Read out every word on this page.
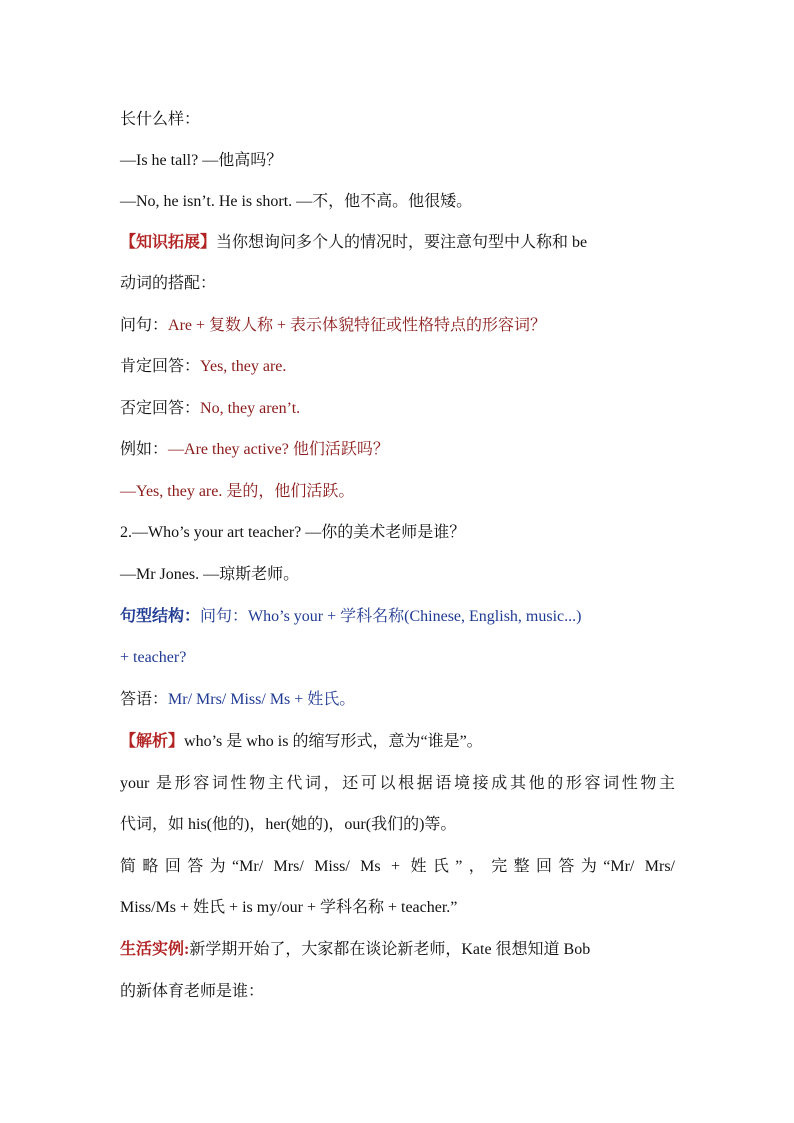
长什么样：
—Is he tall? —他高吗？
—No, he isn’t. He is short. —不，他不高。他很矮。
【知识拓展】当你想询问多个人的情况时，要注意句型中人称和 be
动词的搭配：
问句：Are + 复数人称 + 表示体貌特征或性格特点的形容词？
肯定回答：Yes, they are.
否定回答：No, they aren’t.
例如：—Are they active? 他们活跃吗？
—Yes, they are. 是的，他们活跃。
2.—Who’s your art teacher? —你的美术老师是谁？
—Mr Jones. —琼斯老师。
句型结构：问句：Who’s your + 学科名称(Chinese, English, music...)
+ teacher?
答语：Mr/ Mrs/ Miss/ Ms + 姓氏。
【解析】who’s 是 who is 的缩写形式，意为“谁是”。
your 是形容词性物主代词，还可以根据语境接成其他的形容词性物主
代词，如 his(他的)，her(她的)，our(我们的)等。
简略回答为“Mr/ Mrs/ Miss/ Ms + 姓氏”，完整回答为“Mr/ Mrs/
Miss/Ms + 姓氏 + is my/our + 学科名称 + teacher.”
生活实例:新学期开始了，大家都在谈论新老师，Kate 很想知道 Bob
的新体育老师是谁：
